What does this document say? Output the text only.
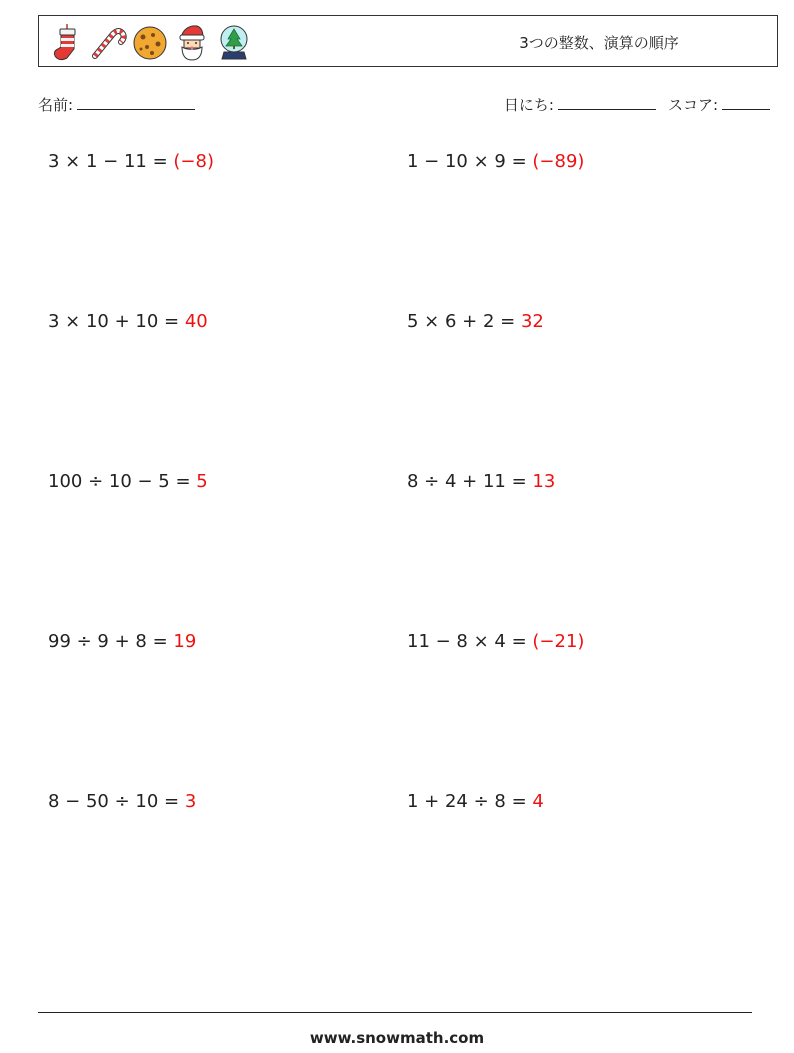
3つの整数、演算の順序
名前:	日にち:	スコア:
3 × 1 − 11 = (−8)	1 − 10 × 9 = (−89)
3 × 10 + 10 = 40	5 × 6 + 2 = 32
100 ÷ 10 − 5 = 5	8 ÷ 4 + 11 = 13
99 ÷ 9 + 8 = 19	11 − 8 × 4 = (−21)
8 − 50 ÷ 10 = 3	1 + 24 ÷ 8 = 4
www.snowmath.com
